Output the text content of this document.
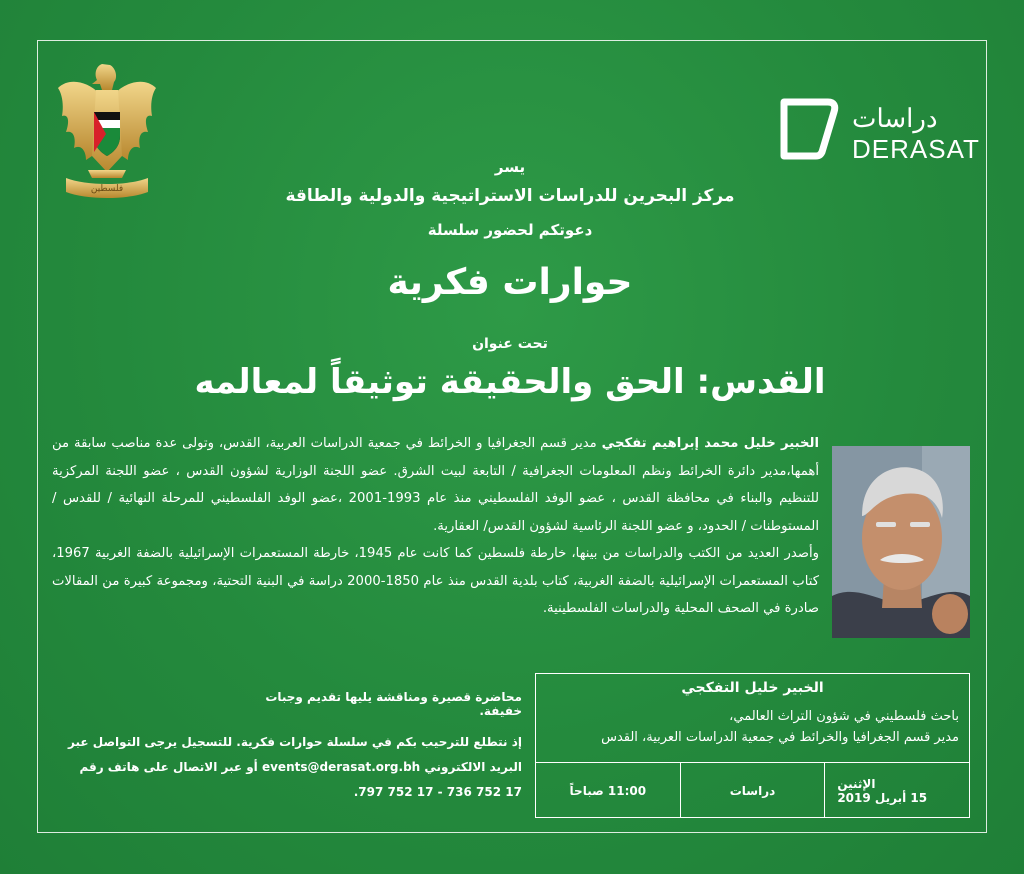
فلسطين
دراسات
DERASAT
يسر
مركز البحرين للدراسات الاستراتيجية والدولية والطاقة
دعوتكم لحضور سلسلة
حوارات فكرية
تحت عنوان
القدس: الحق والحقيقة توثيقاً لمعالمه

الخبير خليل محمد إبراهيم تفكجي مدير قسم الجغرافيا و الخرائط في جمعية الدراسات العربية، القدس، وتولى عدة مناصب سابقة من أهمها،مدير دائرة الخرائط ونظم المعلومات الجغرافية / التابعة لبيت الشرق. عضو اللجنة الوزارية لشؤون القدس ، عضو اللجنة المركزية للتنظيم والبناء في محافظة القدس ، عضو الوفد الفلسطيني منذ عام 1993-2001 ،عضو الوفد الفلسطيني للمرحلة النهائية / للقدس / المستوطنات / الحدود، و عضو اللجنة الرئاسية لشؤون القدس/ العقارية.

وأصدر العديد من الكتب والدراسات من بينها، خارطة فلسطين كما كانت عام 1945، خارطة المستعمرات الإسرائيلية بالضفة الغربية 1967، كتاب المستعمرات الإسرائيلية بالضفة الغربية، كتاب بلدية القدس منذ عام 1850-2000 دراسة في البنية التحتية، ومجموعة كبيرة من المقالات صادرة في الصحف المحلية والدراسات الفلسطينية.

الخبير خليل التفكجي
باحث فلسطيني في شؤون التراث العالمي،
مدير قسم الجغرافيا والخرائط في جمعية الدراسات العربية، القدس
الإثنين
15 أبريل 2019
دراسات
11:00 صباحاً
محاضرة قصيرة ومناقشة يليها تقديم وجبات خفيفة.
إذ نتطلع للترحيب بكم في سلسلة حوارات فكرية. للتسجيل يرجى التواصل عبر
البريد الالكتروني events@derasat.org.bh أو عبر الاتصال على هاتف رقم
17 752 736 - 17 752 797.
